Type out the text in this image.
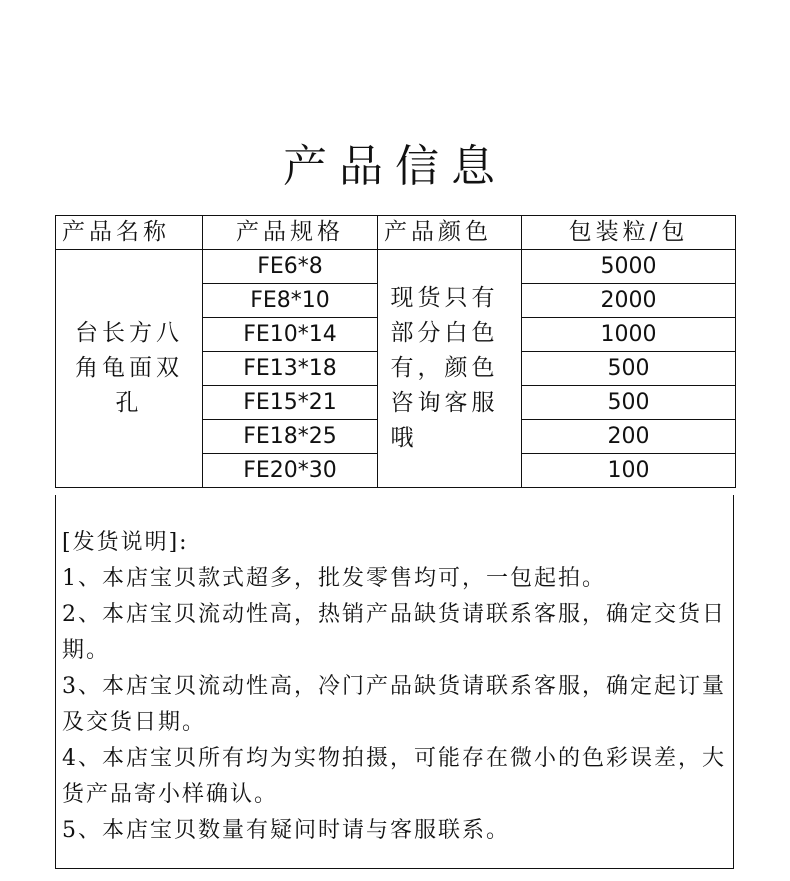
产品信息
产品名称	产品规格	产品颜色	包装粒/包

台长方八角龟面双孔	FE6*8	现货只有部分白色有，颜色咨询客服哦	5000
	FE8*10		2000
	FE10*14		1000
	FE13*18		500
	FE15*21		500
	FE18*25		200
	FE20*30		100
[发货说明]:
1、本店宝贝款式超多，批发零售均可，一包起拍。
2、本店宝贝流动性高，热销产品缺货请联系客服，确定交货日期。
3、本店宝贝流动性高，冷门产品缺货请联系客服，确定起订量及交货日期。
4、本店宝贝所有均为实物拍摄，可能存在微小的色彩误差，大货产品寄小样确认。
5、本店宝贝数量有疑问时请与客服联系。
